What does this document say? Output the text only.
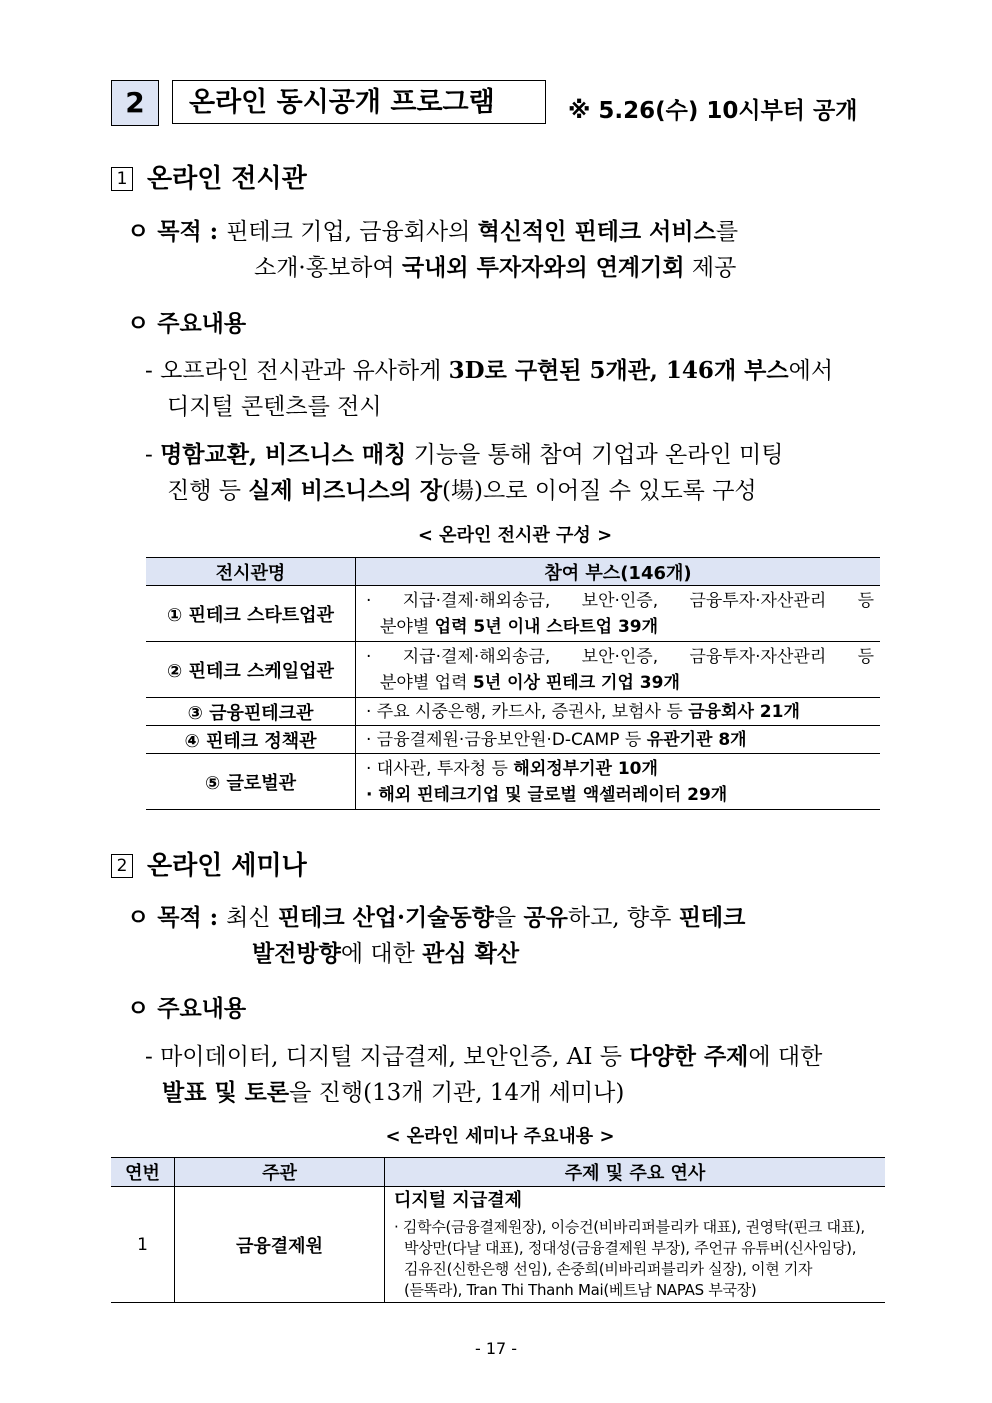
2	온라인 동시공개 프로그램	※ 5.26(수) 10시부터 공개
1 온라인 전시관
ㅇ 목적 : 핀테크 기업, 금융회사의 혁신적인 핀테크 서비스를
소개·홍보하여 국내외 투자자와의 연계기회 제공
ㅇ 주요내용
- 오프라인 전시관과 유사하게 3D로 구현된 5개관, 146개 부스에서
디지털 콘텐츠를 전시
- 명함교환, 비즈니스 매칭 기능을 통해 참여 기업과 온라인 미팅
진행 등 실제 비즈니스의 장(場)으로 이어질 수 있도록 구성
< 온라인 전시관 구성 >
전시관명	참여 부스(146개)
① 핀테크 스타트업관	· 지급·결제·해외송금, 보안·인증, 금융투자·자산관리 등
분야별 업력 5년 이내 스타트업 39개

② 핀테크 스케일업관	· 지급·결제·해외송금, 보안·인증, 금융투자·자산관리 등
분야별 업력 5년 이상 핀테크 기업 39개

③ 금융핀테크관	· 주요 시중은행, 카드사, 증권사, 보험사 등 금융회사 21개
④ 핀테크 정책관	· 금융결제원·금융보안원·D-CAMP 등 유관기관 8개
⑤ 글로벌관	· 대사관, 투자청 등 해외정부기관 10개
· 해외 핀테크기업 및 글로벌 액셀러레이터 29개
2 온라인 세미나
ㅇ 목적 : 최신 핀테크 산업·기술동향을 공유하고, 향후 핀테크
발전방향에 대한 관심 확산
ㅇ 주요내용
- 마이데이터, 디지털 지급결제, 보안인증, AI 등 다양한 주제에 대한
발표 및 토론을 진행(13개 기관, 14개 세미나)
< 온라인 세미나 주요내용 >
연번	주관	주제 및 주요 연사
1	금융결제원	디지털 지급결제
· 김학수(금융결제원장), 이승건(비바리퍼블리카 대표), 권영탁(핀크 대표),
박상만(다날 대표), 정대성(금융결제원 부장), 주언규 유튜버(신사임당),
김유진(신한은행 선임), 손중희(비바리퍼블리카 실장), 이현 기자
(듣똑라), Tran Thi Thanh Mai(베트남 NAPAS 부국장)
- 17 -
